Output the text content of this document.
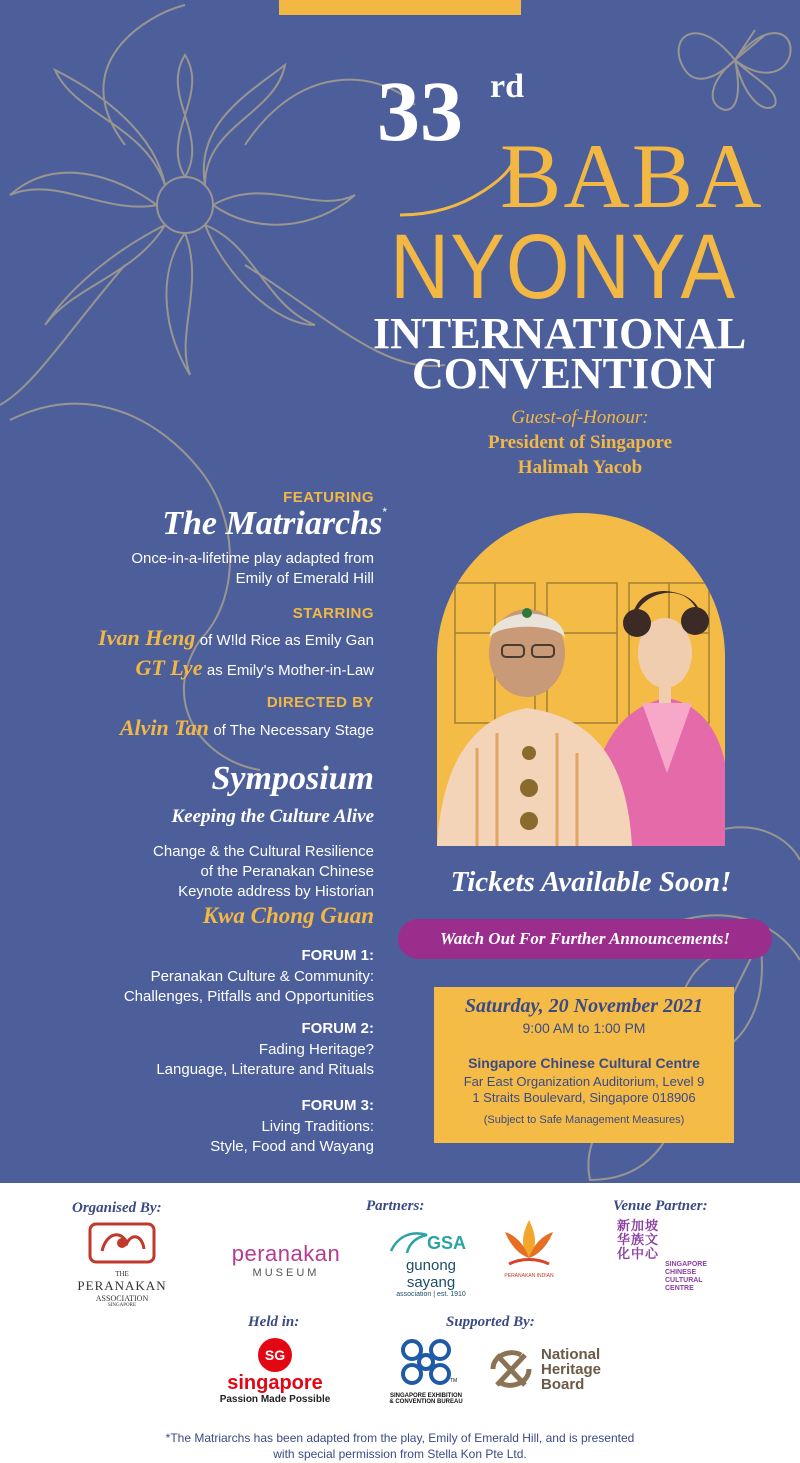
33 rd
BABA
NYONYA
INTERNATIONAL
CONVENTION
Guest-of-Honour:
President of Singapore
Halimah Yacob
FEATURING
The Matriarchs*
Once-in-a-lifetime play adapted from
Emily of Emerald Hill
STARRING
Ivan Heng of W!ld Rice as Emily Gan
GT Lye as Emily's Mother-in-Law
DIRECTED BY
Alvin Tan of The Necessary Stage
Symposium
Keeping the Culture Alive
Change & the Cultural Resilience
of the Peranakan Chinese
Keynote address by Historian
Kwa Chong Guan
FORUM 1:
Peranakan Culture & Community:
Challenges, Pitfalls and Opportunities
FORUM 2:
Fading Heritage?
Language, Literature and Rituals
FORUM 3:
Living Traditions:
Style, Food and Wayang
Tickets Available Soon!
Watch Out For Further Announcements!
Saturday, 20 November 2021
9:00 AM to 1:00 PM
Singapore Chinese Cultural Centre
Far East Organization Auditorium, Level 9
1 Straits Boulevard, Singapore 018906
(Subject to Safe Management Measures)
Organised By:	Partners:	Venue Partner:
Held in:	Supported By:
THE
PERANAKAN
ASSOCIATION
SINGAPORE
peranakan
MUSEUM
GSA
gunong sayang
association | est. 1910
PERANAKAN INDIAN
新加坡华族文化中心
SINGAPORE
CHINESE
CULTURAL
CENTRE
SG
singapore
Passion Made Possible	SINGAPORE EXHIBITION
& CONVENTION BUREAU
TM
National
Heritage
Board
*The Matriarchs has been adapted from the play, Emily of Emerald Hill, and is presented
with special permission from Stella Kon Pte Ltd.
